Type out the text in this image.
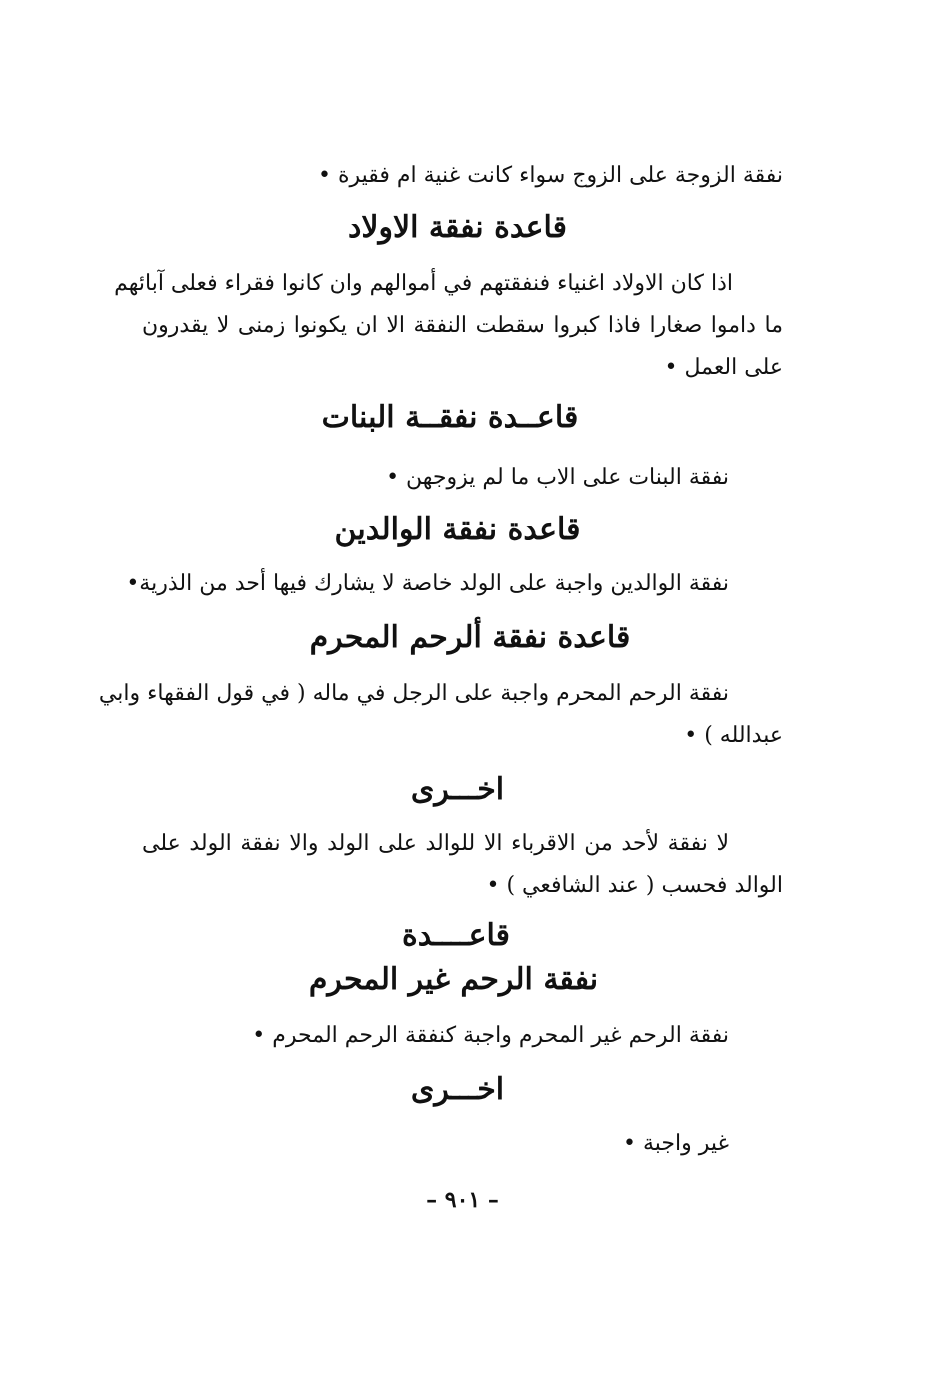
نفقة الزوجة على الزوج سواء كانت غنية ام فقيرة •
قاعدة نفقة الاولاد
اذا كان الاولاد اغنياء فنفقتهم في أموالهم وان كانوا فقراء فعلى آبائهم
ما داموا صغارا فاذا كبروا سقطت النفقة الا ان يكونوا زمنى لا يقدرون
على العمل •
قاعــدة نفقــة البنات
نفقة البنات على الاب ما لم يزوجهن •
قاعدة نفقة الوالدين
نفقة الوالدين واجبة على الولد خاصة لا يشارك فيها أحد من الذرية•
قاعدة نفقة ألرحم المحرم
نفقة الرحم المحرم واجبة على الرجل في ماله ( في قول الفقهاء وابي
عبدالله ) •
اخـــرى
لا نفقة لأحد من الاقرباء الا للوالد على الولد والا نفقة الولد على
الوالد فحسب ( عند الشافعي ) •
قاعــــدة
نفقة الرحم غير المحرم
نفقة الرحم غير المحرم واجبة كنفقة الرحم المحرم •
اخـــرى
غير واجبة •
– ٩٠١ –
